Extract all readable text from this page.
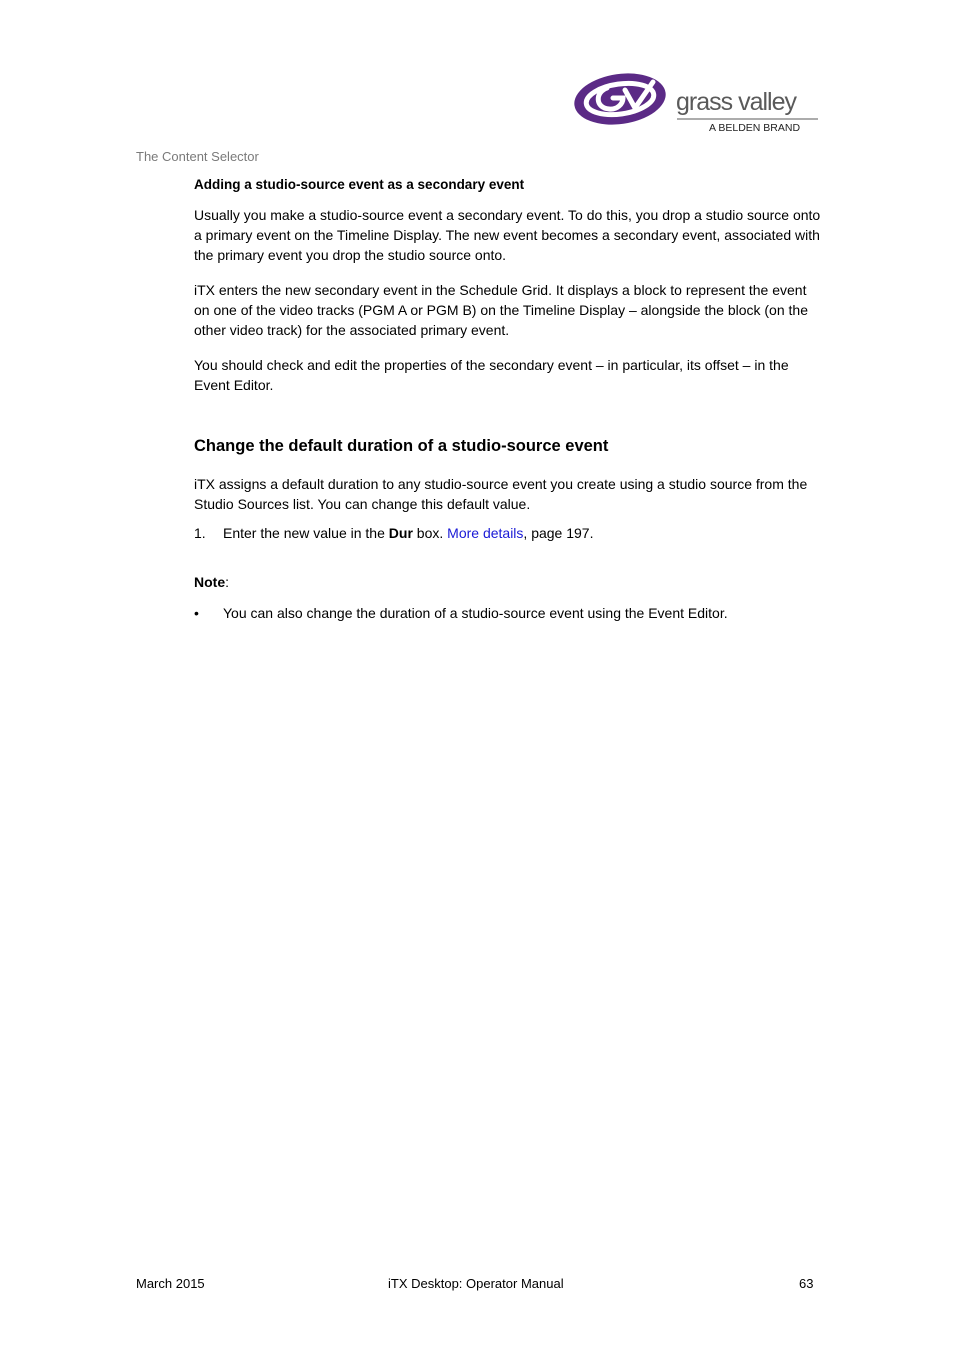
grass valley
A BELDEN BRAND
The Content Selector

Adding a studio-source event as a secondary event

Usually you make a studio-source event a secondary event. To do this, you drop a studio source onto a primary event on the Timeline Display. The new event becomes a secondary event, associated with the primary event you drop the studio source onto.

iTX enters the new secondary event in the Schedule Grid. It displays a block to represent the event on one of the video tracks (PGM A or PGM B) on the Timeline Display – alongside the block (on the other video track) for the associated primary event.

You should check and edit the properties of the secondary event – in particular, its offset – in the Event Editor.

Change the default duration of a studio-source event

iTX assigns a default duration to any studio-source event you create using a studio source from the Studio Sources list. You can change this default value.

1. Enter the new value in the Dur box. More details, page 197.
Note:
• You can also change the duration of a studio-source event using the Event Editor.
March 2015	iTX Desktop: Operator Manual	63
